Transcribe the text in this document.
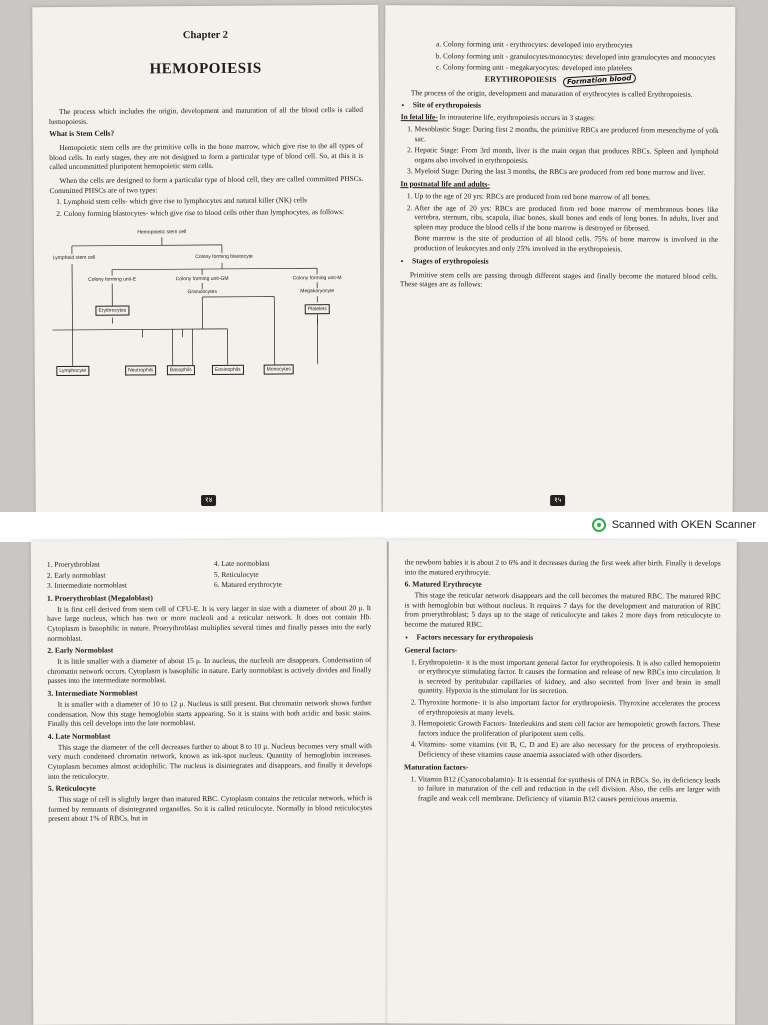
Chapter 2
HEMOPOIESIS

The process which includes the origin, development and maturation of all the blood cells is called hemopoiesis.

What is Stem Cells?

Hemopoietic stem cells are the primitive cells in the bone marrow, which give rise to the all types of blood cells. In early stages, they are not designed to form a particular type of blood cell. So, at this it is called uncommitted pluripotent hemopoietic stem cells.

When the cells are designed to form a particular type of blood cell, they are called committed PHSCs. Committed PHSCs are of two types:

1. Lymphoid stem cells- which give rise to lymphocytes and natural killer (NK) cells
2. Colony forming blastocytes- which give rise to blood cells other than lymphocytes, as follows:
Hemopoietic stem cell
Lymphoid stem cell	Colony forming blastocyte
Colony forming unit-E	Colony forming unit-GM	Colony forming unit-M
Granulocytes	Megakaryocyte
Erythrocytes	Platelets
Lymphocyte	Neutrophils	Basophils	Eosinophils	Monocytes
१४
a. Colony forming unit - erythrocytes: developed into erythrocytes
b. Colony forming unit - granulocytes/monocytes: developed into granulocytes and monocytes
c. Colony forming unit - megakaryocytes: developed into platelets
ERYTHROPOIESIS Formation blood

The process of the origin, development and maturation of erythrocytes is called Erythropoiesis.

• Site of erythropoiesis

In fetal life- In intrauterine life, erythropoiesis occurs in 3 stages:

1. Mesoblastic Stage: During first 2 months, the primitive RBCs are produced from mesenchyme of yolk sac.
2. Hepatic Stage: From 3rd month, liver is the main organ that produces RBCs. Spleen and lymphoid organs also involved in erythropoiesis.
3. Myeloid Stage: During the last 3 months, the RBCs are produced from red bone marrow and liver.
In postnatal life and adults-
1. Up to the age of 20 yrs: RBCs are produced from red bone marrow of all bones.
2. After the age of 20 yrs: RBCs are produced from red bone marrow of membranous bones like vertebra, sternum, ribs, scapula, iliac bones, skull bones and ends of long bones. In adults, liver and spleen may produce the blood cells if the bone marrow is destroyed or fibrosed.

Bone marrow is the site of production of all blood cells. 75% of bone marrow is involved in the production of leukocytes and only 25% involved in the erythropoiesis.

• Stages of erythropoiesis

Primitive stem cells are passing through different stages and finally become the matured blood cells. These stages are as follows:

१५
Scanned with OKEN Scanner

1. Proerythroblast

2. Early normoblast

3. Intermediate normoblast

4. Late normoblast

5. Reticulocyte

6. Matured erythrocyte

1. Proerythroblast (Megaloblast)

It is first cell derived from stem cell of CFU-E. It is very larger in size with a diameter of about 20 μ. It have large nucleus, which has two or more nucleoli and a reticular network. It does not contain Hb. Cytoplasm is basophilic in nature. Proerythroblast multiplies several times and finally passes into the early normoblast.

2. Early Normoblast

It is little smaller with a diameter of about 15 μ. In nucleus, the nucleoli are disappears. Condensation of chromatin network occurs. Cytoplasm is basophilic in nature. Early normoblast is actively divides and finally passes into the intermediate normoblast.

3. Intermediate Normoblast

It is smaller with a diameter of 10 to 12 μ. Nucleus is still present. But chromatin network shows further condensation. Now this stage hemoglobin starts appearing. So it is stains with both acidic and basic stains. Finally this cell develops into the late normoblast.

4. Late Normoblast

This stage the diameter of the cell decreases further to about 8 to 10 μ. Nucleus becomes very small with very much condensed chromatin network, known as ink-spot nucleus. Quantity of hemoglobin increases. Cytoplasm becomes almost acidophilic. The nucleus is disintegrates and disappears, and finally it develops into the reticulocyte.

5. Reticulocyte

This stage of cell is slightly larger than matured RBC. Cytoplasm contains the reticular network, which is formed by remnants of disintegrated organelles. So it is called reticulocyte. Normally in blood reticulocytes present about 1% of RBCs, but in

the newborn babies it is about 2 to 6% and it decreases during the first week after birth. Finally it develops into the matured erythrocyte.

6. Matured Erythrocyte

This stage the reticular network disappears and the cell becomes the matured RBC. The matured RBC is with hemoglobin but without nucleus. It requires 7 days for the development and maturation of RBC from proerythroblast; 5 days up to the stage of reticulocyte and takes 2 more days from reticulocyte to become the matured RBC.

• Factors necessary for erythropoiesis
General factors-
1. Erythropoietin- it is the most important general factor for erythropoiesis. It is also called hemopoietin or erythrocyte stimulating factor. It causes the formation and release of new RBCs into circulation. It is secreted by peritubular capillaries of kidney, and also secreted from liver and brain in small quantity. Hypoxia is the stimulant for its secretion.
2. Thyroxine hormone- it is also important factor for erythropoiesis. Thyroxine accelerates the process of erythropoiesis at many levels.
3. Hemopoietic Growth Factors- Interleukins and stem cell factor are hemopoietic growth factors. These factors induce the proliferation of pluripotent stem cells.
4. Vitamins- some vitamins (vit B, C, D and E) are also necessary for the process of erythropoiesis. Deficiency of these vitamins cause anaemia associated with other disorders.
Maturation factors-
1. Vitamin B12 (Cyanocobalamin)- It is essential for synthesis of DNA in RBCs. So, its deficiency leads to failure in maturation of the cell and reduction in the cell division. Also, the cells are larger with fragile and weak cell membrane. Deficiency of vitamin B12 causes pernicious anaemia.
